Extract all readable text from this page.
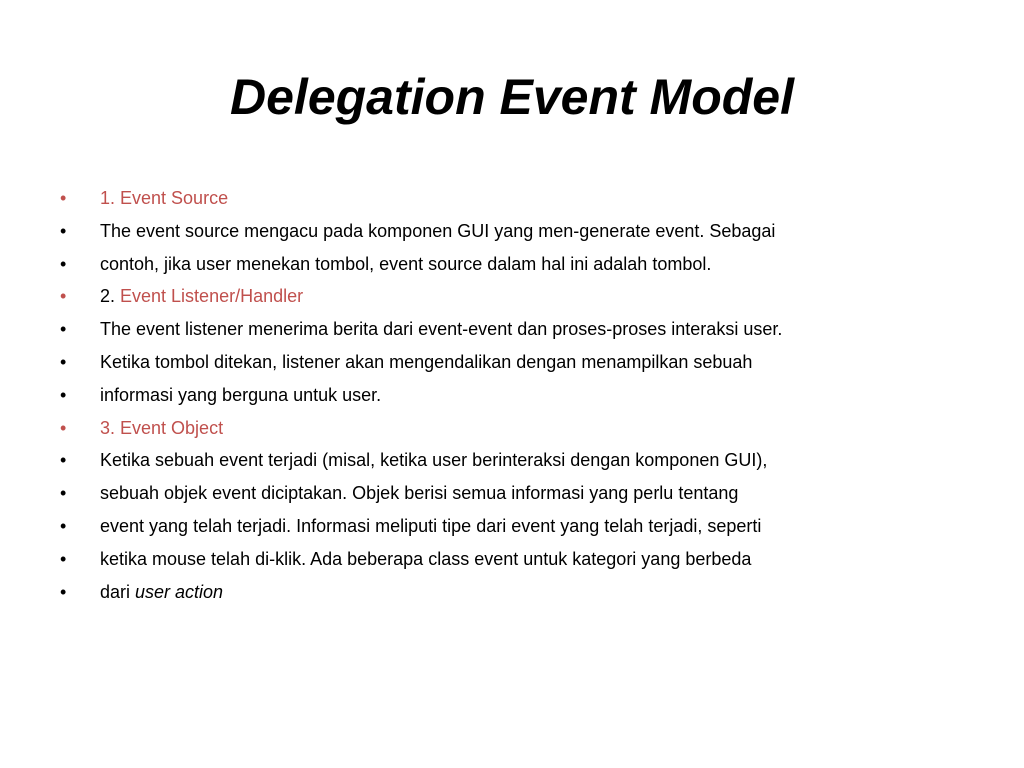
Delegation Event Model
•	1. Event Source
•	The event source mengacu pada komponen GUI yang men-generate event. Sebagai
•	contoh, jika user menekan tombol, event source dalam hal ini adalah tombol.
•	2. Event Listener/Handler
•	The event listener menerima berita dari event-event dan proses-proses interaksi user.
•	Ketika tombol ditekan, listener akan mengendalikan dengan menampilkan sebuah
•	informasi yang berguna untuk user.
•	3. Event Object
•	Ketika sebuah event terjadi (misal, ketika user berinteraksi dengan komponen GUI),
•	sebuah objek event diciptakan. Objek berisi semua informasi yang perlu tentang
•	event yang telah terjadi. Informasi meliputi tipe dari event yang telah terjadi, seperti
•	ketika mouse telah di-klik. Ada beberapa class event untuk kategori yang berbeda
•	dari user action
